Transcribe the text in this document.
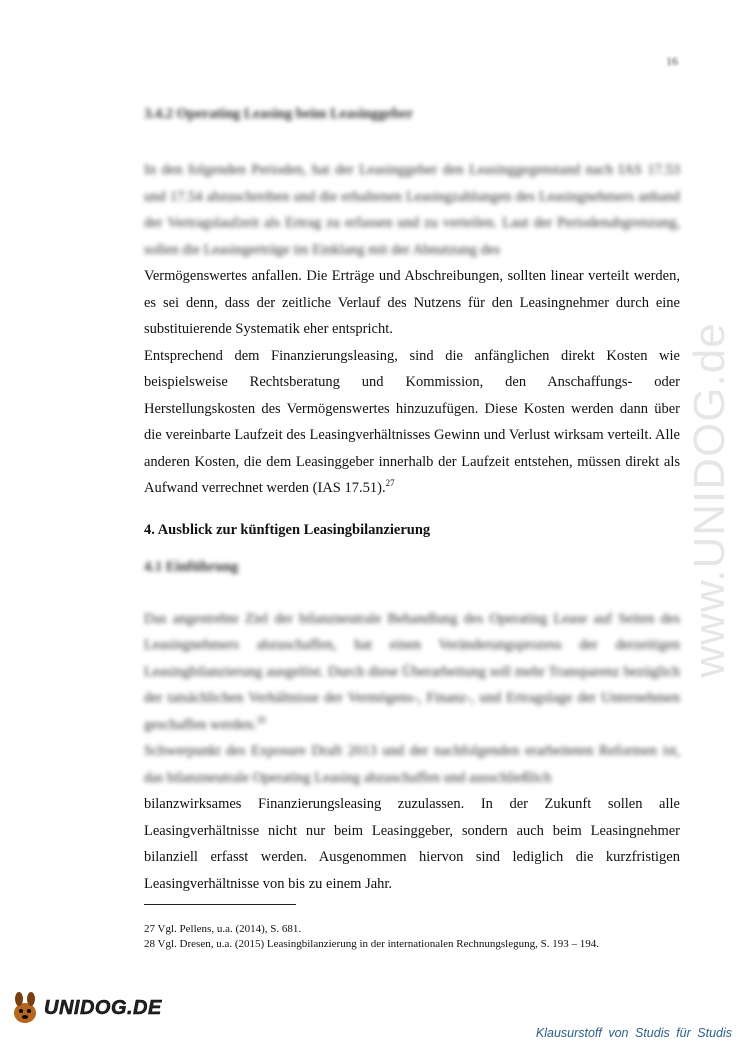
16

3.4.2 Operating Leasing beim Leasinggeber

In den folgenden Perioden, hat der Leasinggeber den Leasinggegenstand nach IAS 17.53 und 17.54 abzuschreiben und die erhaltenen Leasingzahlungen des Leasingnehmers anhand der Vertragslaufzeit als Ertrag zu erfassen und zu verteilen. Laut der Periodenabgrenzung, sollen die Leasingerträge im Einklang mit der Abnutzung des

Vermögenswertes anfallen. Die Erträge und Abschreibungen, sollten linear verteilt werden, es sei denn, dass der zeitliche Verlauf des Nutzens für den Leasingnehmer durch eine substituierende Systematik eher entspricht.

Entsprechend dem Finanzierungsleasing, sind die anfänglichen direkt Kosten wie beispielsweise Rechtsberatung und Kommission, den Anschaffungs- oder Herstellungskosten des Vermögenswertes hinzuzufügen. Diese Kosten werden dann über die vereinbarte Laufzeit des Leasingverhältnisses Gewinn und Verlust wirksam verteilt. Alle anderen Kosten, die dem Leasinggeber innerhalb der Laufzeit entstehen, müssen direkt als Aufwand verrechnet werden (IAS 17.51).$^{27}$

4. Ausblick zur künftigen Leasingbilanzierung

4.1 Einführung

Das angestrebte Ziel der bilanzneutrale Behandlung des Operating Lease auf Seiten des Leasingnehmers abzuschaffen, hat einen Veränderungsprozess der derzeitigen Leasingbilanzierung ausgelöst. Durch diese Überarbeitung soll mehr Transparenz bezüglich der tatsächlichen Verhältnisse der Vermögens-, Finanz-, und Ertragslage der Unternehmen geschaffen werden.$^{28}$

Schwerpunkt des Exposure Draft 2013 und der nachfolgenden erarbeiteten Reformen ist, das bilanzneutrale Operating Leasing abzuschaffen und ausschließlich

bilanzwirksames Finanzierungsleasing zuzulassen. In der Zukunft sollen alle Leasingverhältnisse nicht nur beim Leasinggeber, sondern auch beim Leasingnehmer bilanziell erfasst werden. Ausgenommen hiervon sind lediglich die kurzfristigen Leasingverhältnisse von bis zu einem Jahr.

27 Vgl. Pellens, u.a. (2014), S. 681.
28 Vgl. Dresen, u.a. (2015) Leasingbilanzierung in der internationalen Rechnungslegung, S. 193 – 194.
www.UNIDOG.de
UNIDOG.DE
Klausurstoff von Studis für Studis
